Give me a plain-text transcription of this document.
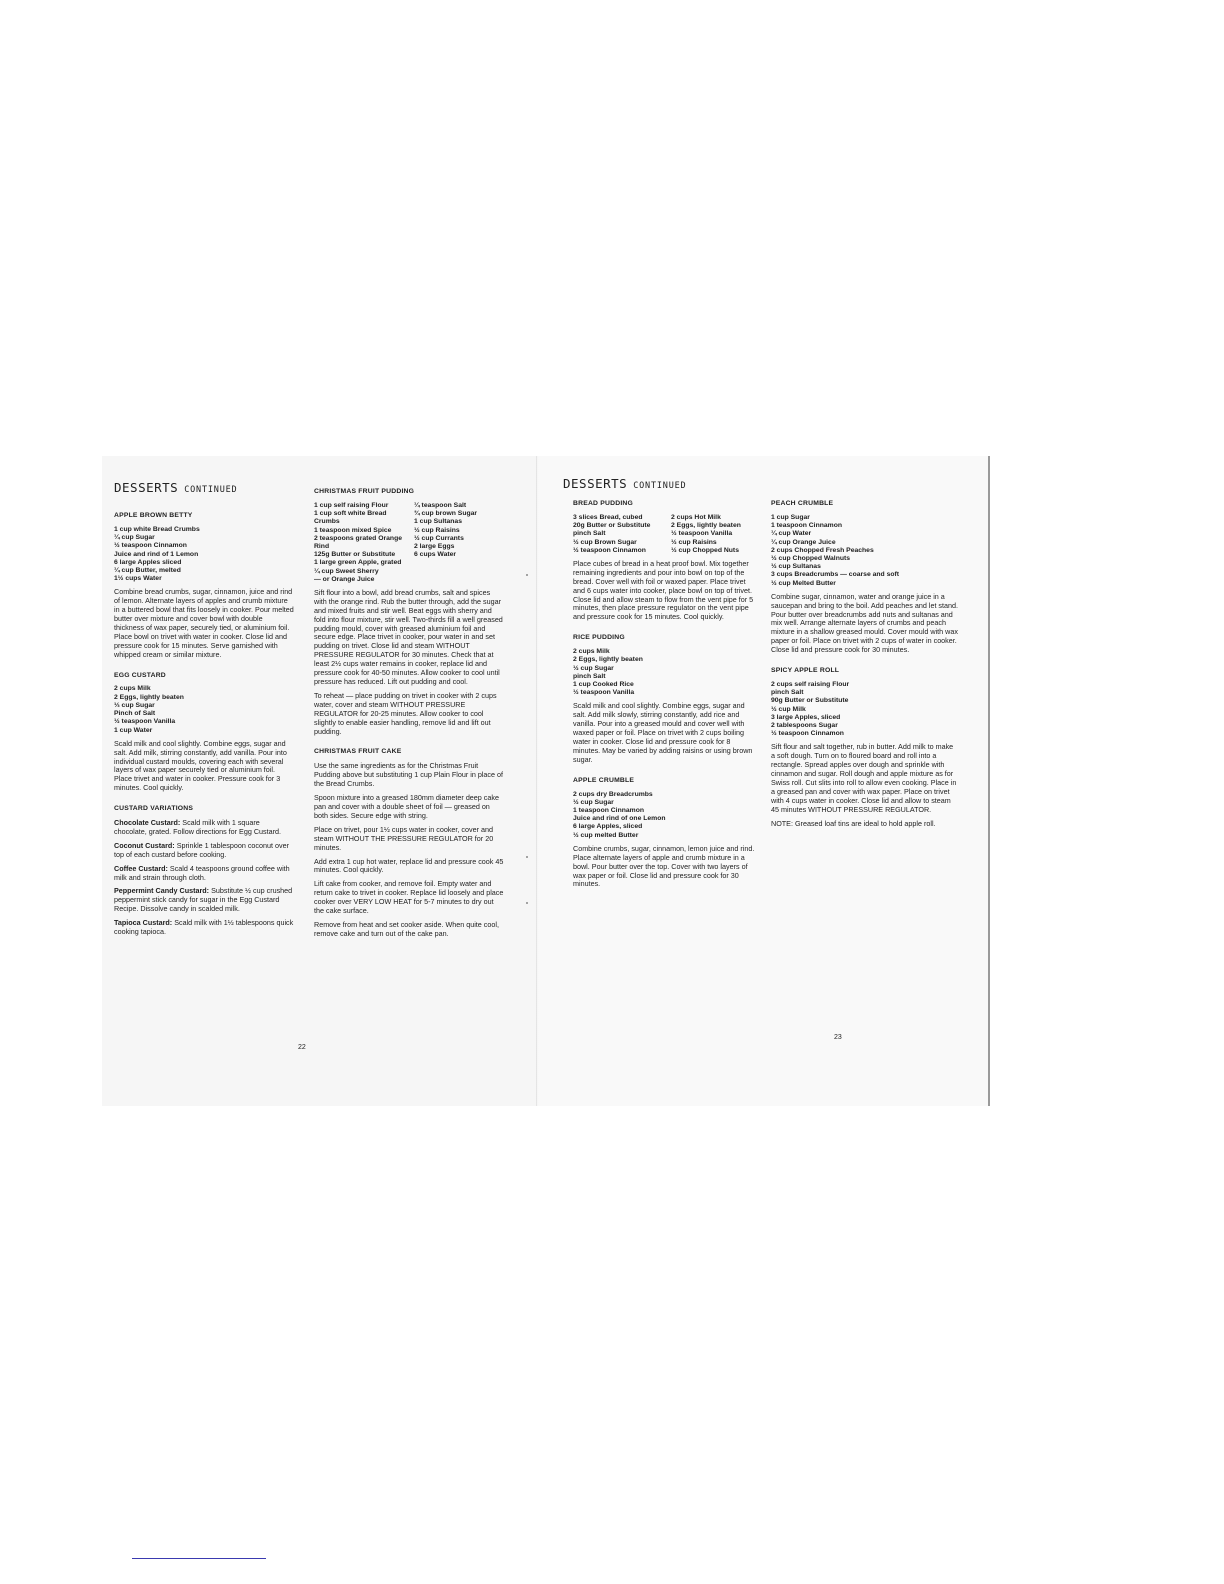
DESSERTS CONTINUED
APPLE BROWN BETTY
1 cup white Bread Crumbs
¼ cup Sugar
½ teaspoon Cinnamon
Juice and rind of 1 Lemon
6 large Apples sliced
¼ cup Butter, melted
1½ cups Water

Combine bread crumbs, sugar, cinnamon, juice and rind of lemon. Alternate layers of apples and crumb mixture in a buttered bowl that fits loosely in cooker. Pour melted butter over mixture and cover bowl with double thickness of wax paper, securely tied, or aluminium foil. Place bowl on trivet with water in cooker. Close lid and pressure cook for 15 minutes. Serve garnished with whipped cream or similar mixture.

EGG CUSTARD
2 cups Milk
2 Eggs, lightly beaten
⅓ cup Sugar
Pinch of Salt
½ teaspoon Vanilla
1 cup Water

Scald milk and cool slightly. Combine eggs, sugar and salt. Add milk, stirring constantly, add vanilla. Pour into individual custard moulds, covering each with several layers of wax paper securely tied or aluminium foil. Place trivet and water in cooker. Pressure cook for 3 minutes. Cool quickly.

CUSTARD VARIATIONS

Chocolate Custard: Scald milk with 1 square chocolate, grated. Follow directions for Egg Custard.

Coconut Custard: Sprinkle 1 tablespoon coconut over top of each custard before cooking.

Coffee Custard: Scald 4 teaspoons ground coffee with milk and strain through cloth.

Peppermint Candy Custard: Substitute ½ cup crushed peppermint stick candy for sugar in the Egg Custard Recipe. Dissolve candy in scalded milk.

Tapioca Custard: Scald milk with 1½ tablespoons quick cooking tapioca.

CHRISTMAS FRUIT PUDDING
1 cup self raising Flour
1 cup soft white Bread Crumbs
1 teaspoon mixed Spice
2 teaspoons grated Orange Rind
125g Butter or Substitute
1 large green Apple, grated
¼ cup Sweet Sherry
— or Orange Juice
¼ teaspoon Salt
¾ cup brown Sugar
1 cup Sultanas
½ cup Raisins
½ cup Currants
2 large Eggs
6 cups Water

Sift flour into a bowl, add bread crumbs, salt and spices with the orange rind. Rub the butter through, add the sugar and mixed fruits and stir well. Beat eggs with sherry and fold into flour mixture, stir well. Two-thirds fill a well greased pudding mould, cover with greased aluminium foil and secure edge. Place trivet in cooker, pour water in and set pudding on trivet. Close lid and steam WITHOUT PRESSURE REGULATOR for 30 minutes. Check that at least 2½ cups water remains in cooker, replace lid and pressure cook for 40-50 minutes. Allow cooker to cool until pressure has reduced. Lift out pudding and cool.

To reheat — place pudding on trivet in cooker with 2 cups water, cover and steam WITHOUT PRESSURE REGULATOR for 20-25 minutes. Allow cooker to cool slightly to enable easier handling, remove lid and lift out pudding.

CHRISTMAS FRUIT CAKE

Use the same ingredients as for the Christmas Fruit Pudding above but substituting 1 cup Plain Flour in place of the Bread Crumbs.

Spoon mixture into a greased 180mm diameter deep cake pan and cover with a double sheet of foil — greased on both sides. Secure edge with string.

Place on trivet, pour 1½ cups water in cooker, cover and steam WITHOUT THE PRESSURE REGULATOR for 20 minutes.

Add extra 1 cup hot water, replace lid and pressure cook 45 minutes. Cool quickly.

Lift cake from cooker, and remove foil. Empty water and return cake to trivet in cooker. Replace lid loosely and place cooker over VERY LOW HEAT for 5-7 minutes to dry out the cake surface.

Remove from heat and set cooker aside. When quite cool, remove cake and turn out of the cake pan.

22
DESSERTS CONTINUED
BREAD PUDDING
3 slices Bread, cubed
20g Butter or Substitute
pinch Salt
½ cup Brown Sugar
½ teaspoon Cinnamon
2 cups Hot Milk
2 Eggs, lightly beaten
½ teaspoon Vanilla
½ cup Raisins
½ cup Chopped Nuts

Place cubes of bread in a heat proof bowl. Mix together remaining ingredients and pour into bowl on top of the bread. Cover well with foil or waxed paper. Place trivet and 6 cups water into cooker, place bowl on top of trivet. Close lid and allow steam to flow from the vent pipe for 5 minutes, then place pressure regulator on the vent pipe and pressure cook for 15 minutes. Cool quickly.

RICE PUDDING
2 cups Milk
2 Eggs, lightly beaten
½ cup Sugar
pinch Salt
1 cup Cooked Rice
½ teaspoon Vanilla

Scald milk and cool slightly. Combine eggs, sugar and salt. Add milk slowly, stirring constantly, add rice and vanilla. Pour into a greased mould and cover well with waxed paper or foil. Place on trivet with 2 cups boiling water in cooker. Close lid and pressure cook for 8 minutes. May be varied by adding raisins or using brown sugar.

APPLE CRUMBLE
2 cups dry Breadcrumbs
½ cup Sugar
1 teaspoon Cinnamon
Juice and rind of one Lemon
6 large Apples, sliced
½ cup melted Butter

Combine crumbs, sugar, cinnamon, lemon juice and rind. Place alternate layers of apple and crumb mixture in a bowl. Pour butter over the top. Cover with two layers of wax paper or foil. Close lid and pressure cook for 30 minutes.

PEACH CRUMBLE
1 cup Sugar
1 teaspoon Cinnamon
¼ cup Water
¼ cup Orange Juice
2 cups Chopped Fresh Peaches
½ cup Chopped Walnuts
½ cup Sultanas
3 cups Breadcrumbs — coarse and soft
½ cup Melted Butter

Combine sugar, cinnamon, water and orange juice in a saucepan and bring to the boil. Add peaches and let stand. Pour butter over breadcrumbs add nuts and sultanas and mix well. Arrange alternate layers of crumbs and peach mixture in a shallow greased mould. Cover mould with wax paper or foil. Place on trivet with 2 cups of water in cooker. Close lid and pressure cook for 30 minutes.

SPICY APPLE ROLL
2 cups self raising Flour
pinch Salt
90g Butter or Substitute
½ cup Milk
3 large Apples, sliced
2 tablespoons Sugar
½ teaspoon Cinnamon

Sift flour and salt together, rub in butter. Add milk to make a soft dough. Turn on to floured board and roll into a rectangle. Spread apples over dough and sprinkle with cinnamon and sugar. Roll dough and apple mixture as for Swiss roll. Cut slits into roll to allow even cooking. Place in a greased pan and cover with wax paper. Place on trivet with 4 cups water in cooker. Close lid and allow to steam 45 minutes WITHOUT PRESSURE REGULATOR.

NOTE: Greased loaf tins are ideal to hold apple roll.

23
